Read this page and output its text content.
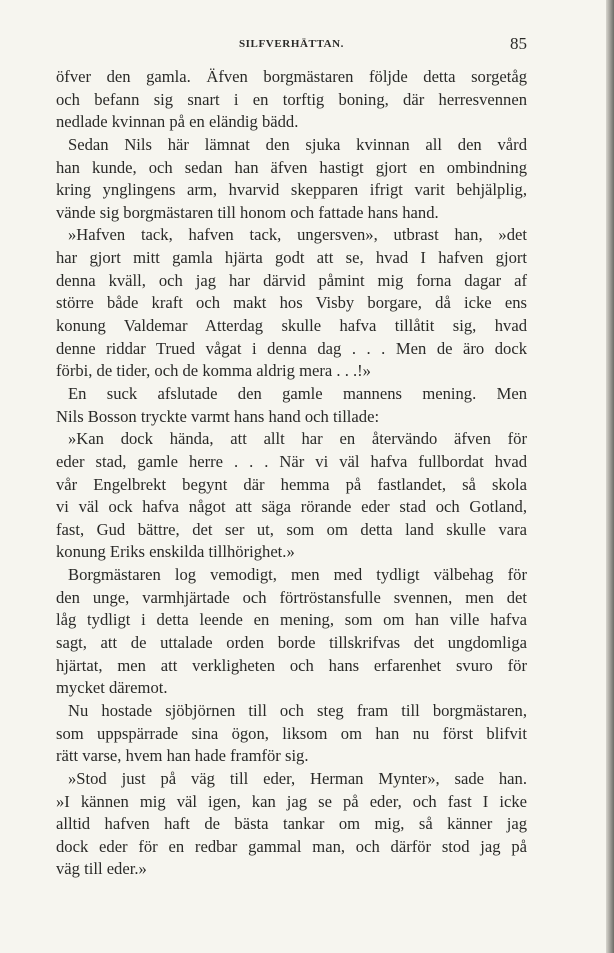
SILFVERHÄTTAN.	85
öfver den gamla. Äfven borgmästaren följde detta sorgetåg
och befann sig snart i en torftig boning, där herresvennen
nedlade kvinnan på en eländig bädd.
Sedan Nils här lämnat den sjuka kvinnan all den vård
han kunde, och sedan han äfven hastigt gjort en ombindning
kring ynglingens arm, hvarvid skepparen ifrigt varit behjälplig,
vände sig borgmästaren till honom och fattade hans hand.
»Hafven tack, hafven tack, ungersven», utbrast han, »det
har gjort mitt gamla hjärta godt att se, hvad I hafven gjort
denna kväll, och jag har därvid påmint mig forna dagar af
större både kraft och makt hos Visby borgare, då icke ens
konung Valdemar Atterdag skulle hafva tillåtit sig, hvad
denne riddar Trued vågat i denna dag . . . Men de äro dock
förbi, de tider, och de komma aldrig mera . . .!»
En suck afslutade den gamle mannens mening. Men
Nils Bosson tryckte varmt hans hand och tillade:
»Kan dock hända, att allt har en återvändo äfven för
eder stad, gamle herre . . . När vi väl hafva fullbordat hvad
vår Engelbrekt begynt där hemma på fastlandet, så skola
vi väl ock hafva något att säga rörande eder stad och Gotland,
fast, Gud bättre, det ser ut, som om detta land skulle vara
konung Eriks enskilda tillhörighet.»
Borgmästaren log vemodigt, men med tydligt välbehag för
den unge, varmhjärtade och förtröstansfulle svennen, men det
låg tydligt i detta leende en mening, som om han ville hafva
sagt, att de uttalade orden borde tillskrifvas det ungdomliga
hjärtat, men att verkligheten och hans erfarenhet svuro för
mycket däremot.
Nu hostade sjöbjörnen till och steg fram till borgmästaren,
som uppspärrade sina ögon, liksom om han nu först blifvit
rätt varse, hvem han hade framför sig.
»Stod just på väg till eder, Herman Mynter», sade han.
»I kännen mig väl igen, kan jag se på eder, och fast I icke
alltid hafven haft de bästa tankar om mig, så känner jag
dock eder för en redbar gammal man, och därför stod jag på
väg till eder.»
